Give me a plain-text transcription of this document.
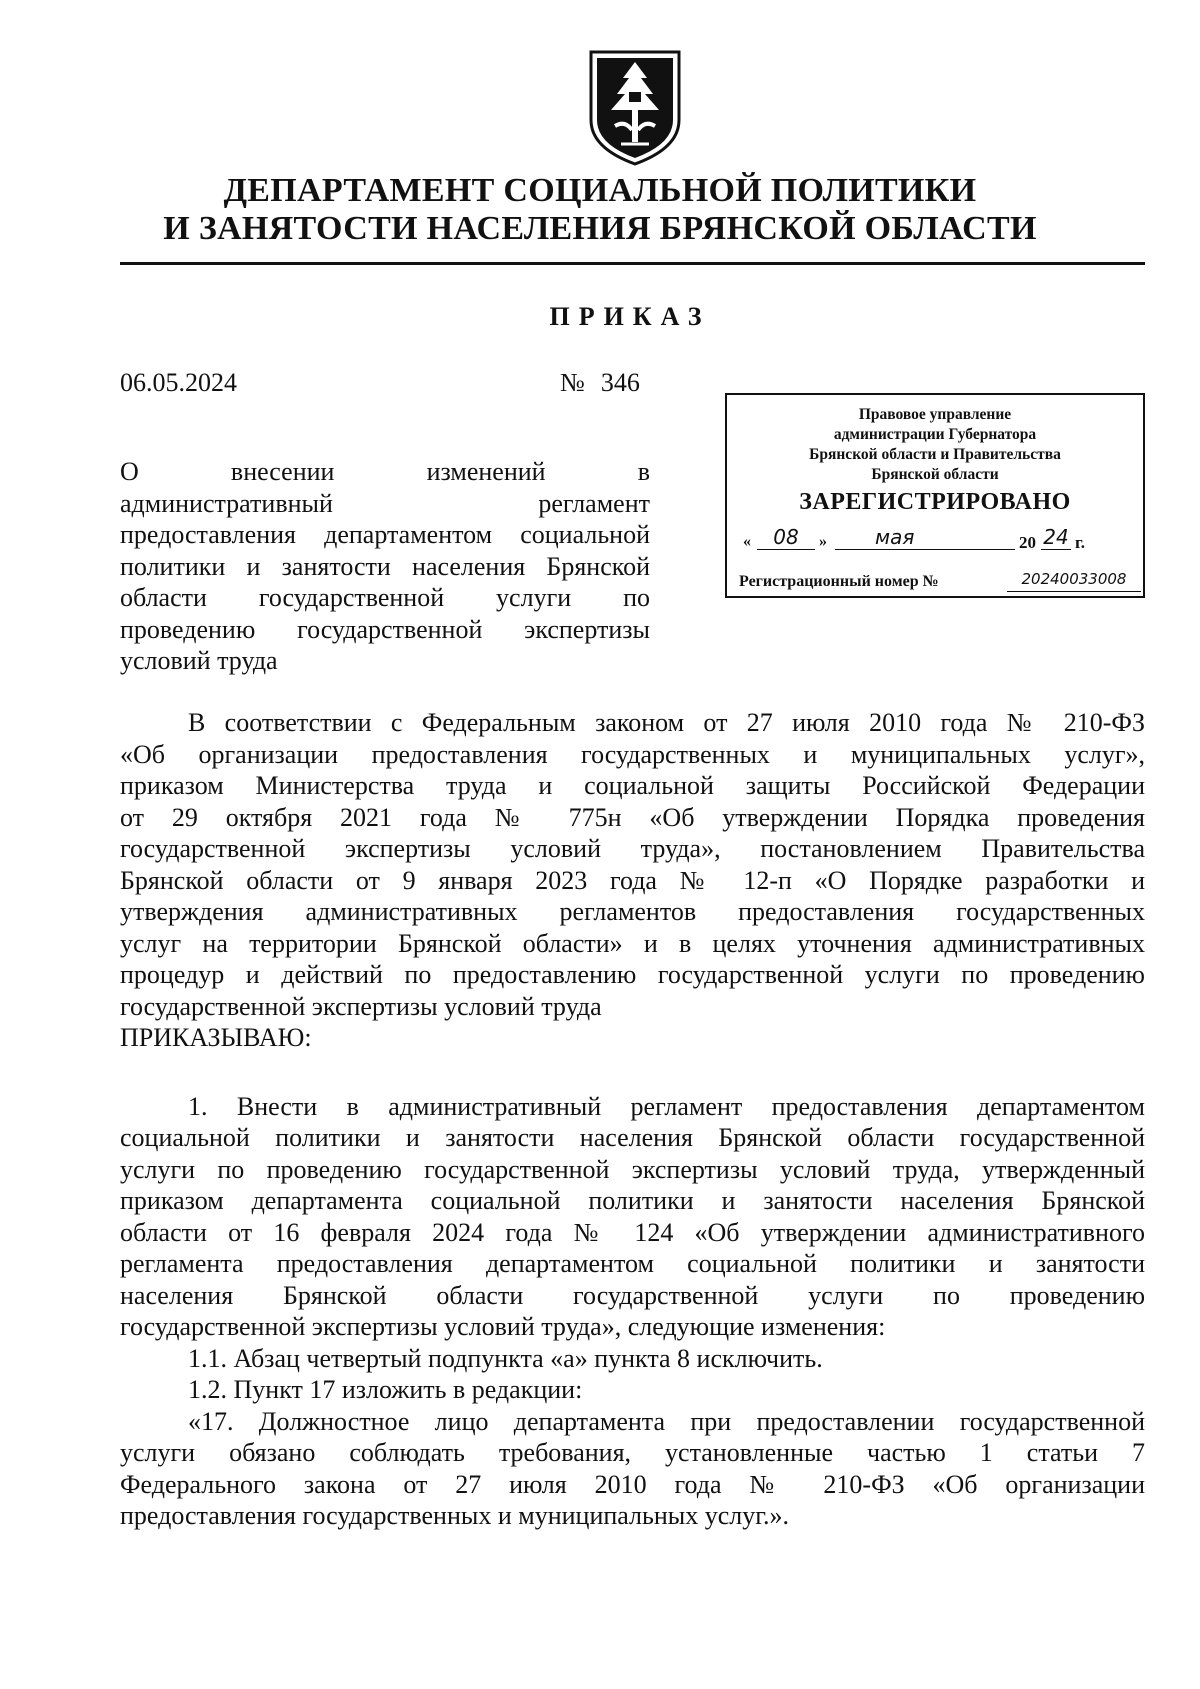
ДЕПАРТАМЕНТ СОЦИАЛЬНОЙ ПОЛИТИКИ
И ЗАНЯТОСТИ НАСЕЛЕНИЯ БРЯНСКОЙ ОБЛАСТИ
ПРИКАЗ
06.05.2024	№ 346
Правовое управление
администрации Губернатора
Брянской области и Правительства
Брянской области
ЗАРЕГИСТРИРОВАНО
«	08	»	мая	20 24 г.
Регистрационный номер №	20240033008
О внесении изменений в
административный регламент
предоставления департаментом социальной
политики и занятости населения Брянской
области государственной услуги по
проведению государственной экспертизы
условий труда
В соответствии с Федеральным законом от 27 июля 2010 года № 210-ФЗ
«Об организации предоставления государственных и муниципальных услуг»,
приказом Министерства труда и социальной защиты Российской Федерации
от 29 октября 2021 года № 775н «Об утверждении Порядка проведения
государственной экспертизы условий труда», постановлением Правительства
Брянской области от 9 января 2023 года № 12-п «О Порядке разработки и
утверждения административных регламентов предоставления государственных
услуг на территории Брянской области» и в целях уточнения административных
процедур и действий по предоставлению государственной услуги по проведению
государственной экспертизы условий труда
ПРИКАЗЫВАЮ:
1. Внести в административный регламент предоставления департаментом
социальной политики и занятости населения Брянской области государственной
услуги по проведению государственной экспертизы условий труда, утвержденный
приказом департамента социальной политики и занятости населения Брянской
области от 16 февраля 2024 года № 124 «Об утверждении административного
регламента предоставления департаментом социальной политики и занятости
населения Брянской области государственной услуги по проведению
государственной экспертизы условий труда», следующие изменения:
1.1. Абзац четвертый подпункта «а» пункта 8 исключить.
1.2. Пункт 17 изложить в редакции:
«17. Должностное лицо департамента при предоставлении государственной
услуги обязано соблюдать требования, установленные частью 1 статьи 7
Федерального закона от 27 июля 2010 года № 210-ФЗ «Об организации
предоставления государственных и муниципальных услуг.».
